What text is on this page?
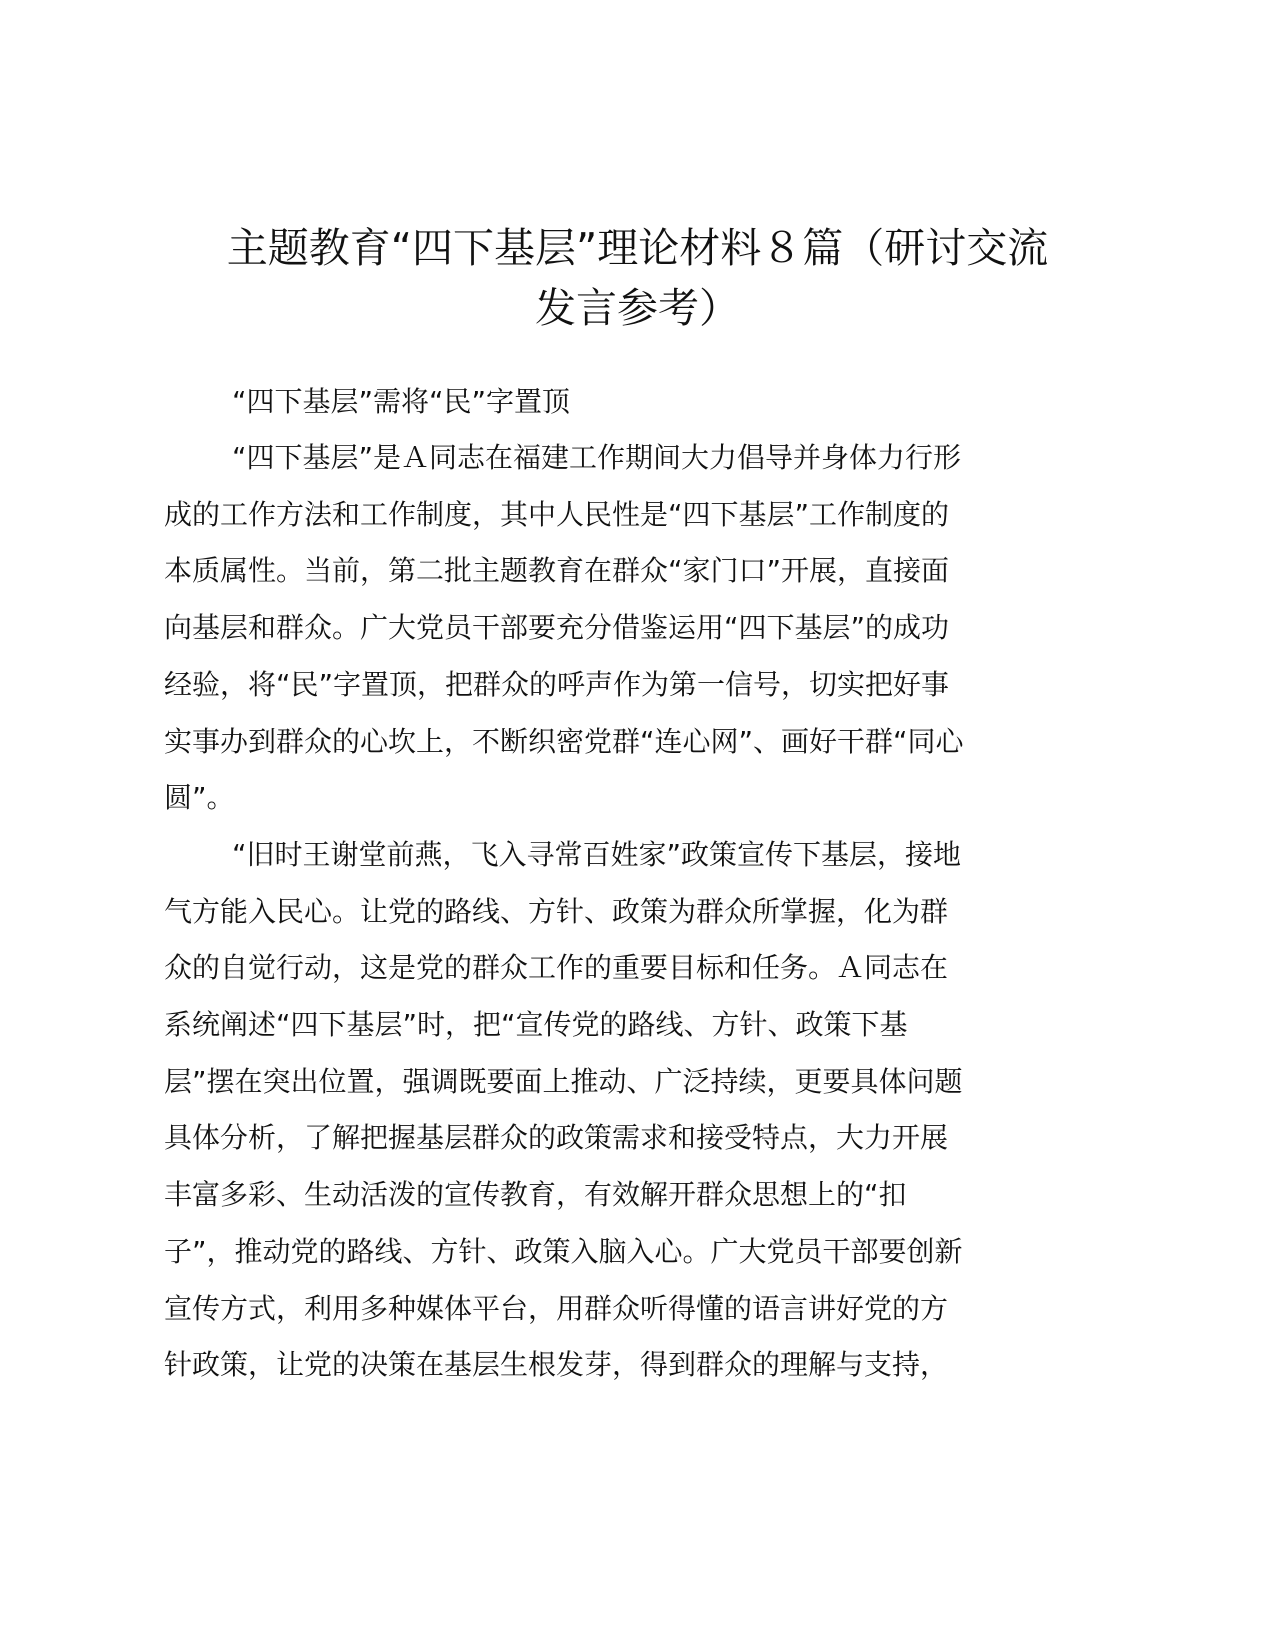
主题教育“四下基层”理论材料８篇（研讨交流
发言参考）

“四下基层”需将“民”字置顶

“四下基层”是Ａ同志在福建工作期间大力倡导并身体力行形
成的工作方法和工作制度，其中人民性是“四下基层”工作制度的
本质属性。当前，第二批主题教育在群众“家门口”开展，直接面
向基层和群众。广大党员干部要充分借鉴运用“四下基层”的成功
经验，将“民”字置顶，把群众的呼声作为第一信号，切实把好事
实事办到群众的心坎上，不断织密党群“连心网”、画好干群“同心
圆”。

“旧时王谢堂前燕，飞入寻常百姓家”政策宣传下基层，接地
气方能入民心。让党的路线、方针、政策为群众所掌握，化为群
众的自觉行动，这是党的群众工作的重要目标和任务。Ａ同志在
系统阐述“四下基层”时，把“宣传党的路线、方针、政策下基
层”摆在突出位置，强调既要面上推动、广泛持续，更要具体问题
具体分析，了解把握基层群众的政策需求和接受特点，大力开展
丰富多彩、生动活泼的宣传教育，有效解开群众思想上的“扣
子”，推动党的路线、方针、政策入脑入心。广大党员干部要创新
宣传方式，利用多种媒体平台，用群众听得懂的语言讲好党的方
针政策，让党的决策在基层生根发芽，得到群众的理解与支持，
